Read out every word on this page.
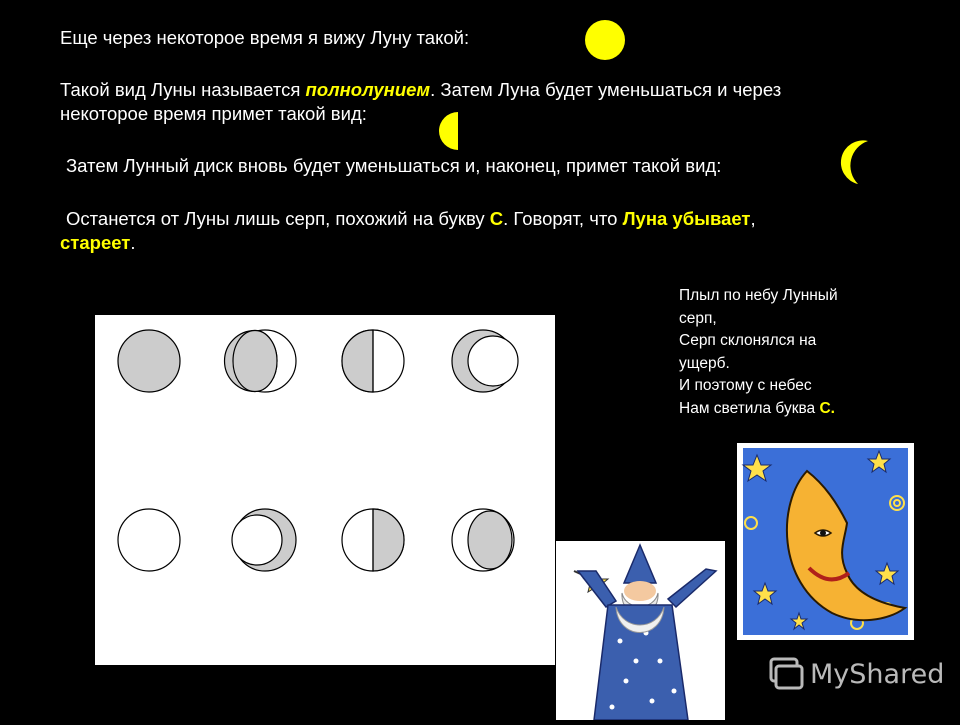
Еще через некоторое время я вижу Луну такой:
Такой вид Луны называется полнолунием. Затем Луна будет уменьшаться и через
некоторое время примет такой вид:
Затем Лунный диск вновь будет уменьшаться и, наконец, примет такой вид:
Останется от Луны лишь серп, похожий на букву С. Говорят, что Луна убывает,
стареет.
Плыл по небу Лунный
серп,
Серп склонялся на
ущерб.
И поэтому с небес
Нам светила буква С.
MyShared
